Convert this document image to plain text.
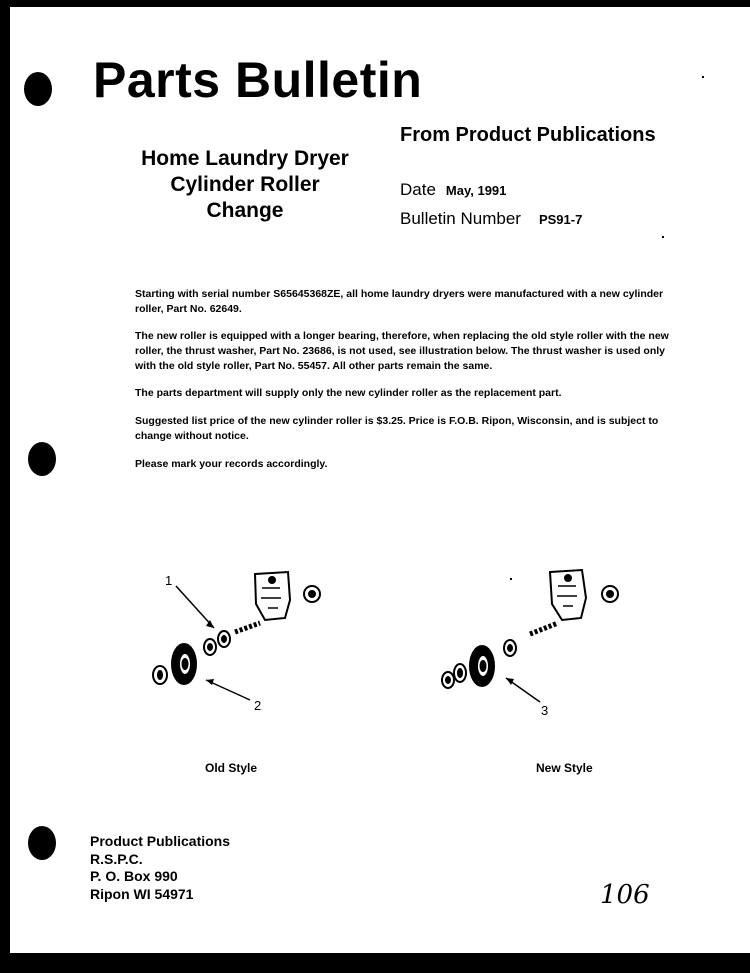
Parts Bulletin
From Product Publications
Home Laundry Dryer
Cylinder Roller
Change
Date May, 1991
Bulletin Number PS91-7

Starting with serial number S65645368ZE, all home laundry dryers were manufactured with a new cylinder roller, Part No. 62649.

The new roller is equipped with a longer bearing, therefore, when replacing the old style roller with the new roller, the thrust washer, Part No. 23686, is not used, see illustration below. The thrust washer is used only with the old style roller, Part No. 55457. All other parts remain the same.

The parts department will supply only the new cylinder roller as the replacement part.

Suggested list price of the new cylinder roller is $3.25. Price is F.O.B. Ripon, Wisconsin, and is subject to change without notice.

Please mark your records accordingly.

1
2
Old Style
3
New Style
Product Publications
R.S.P.C.
P. O. Box 990
Ripon WI 54971	106
